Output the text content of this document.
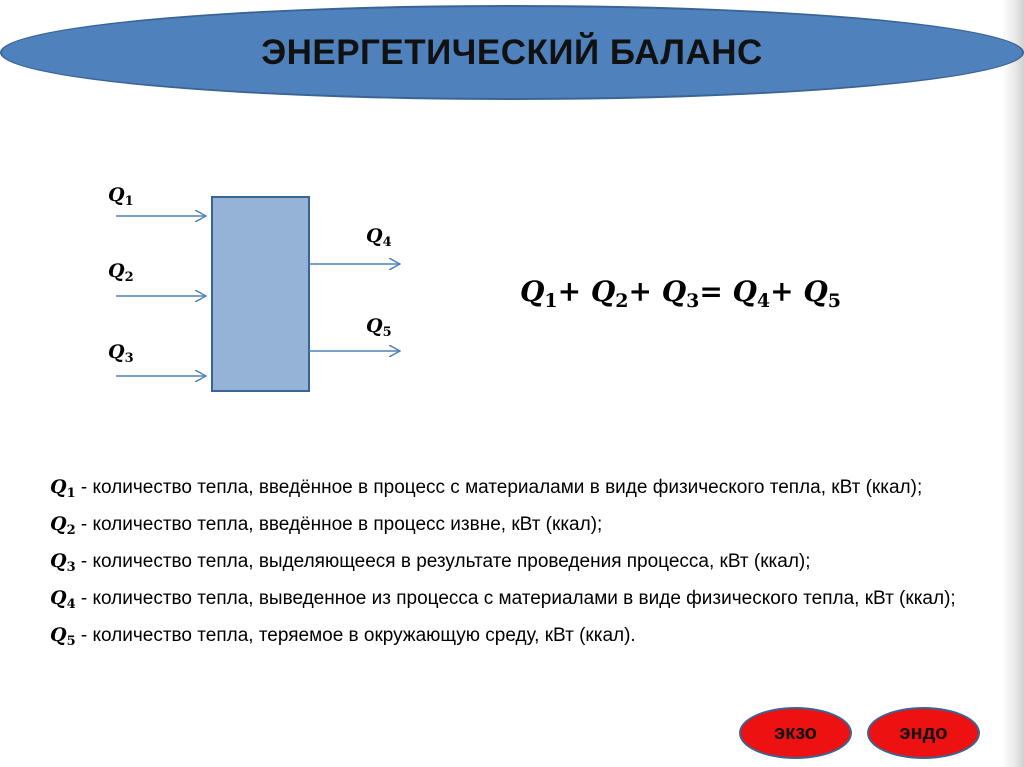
ЭНЕРГЕТИЧЕСКИЙ БАЛАНС
$Q_1$
$Q_2$
$Q_3$
$Q_4$
$Q_5$
$Q_1+ Q_2+ Q_3= Q_4+ Q_5$

$Q_1$ - количество тепла, введённое в процесс с материалами в виде физического тепла, кВт (ккал);

$Q_2$ - количество тепла, введённое в процесс извне, кВт (ккал);

$Q_3$ - количество тепла, выделяющееся в результате проведения процесса, кВт (ккал);

$Q_4$ - количество тепла, выведенное из процесса с материалами в виде физического тепла, кВт (ккал);

$Q_5$ - количество тепла, теряемое в окружающую среду, кВт (ккал).

экзо	эндо
